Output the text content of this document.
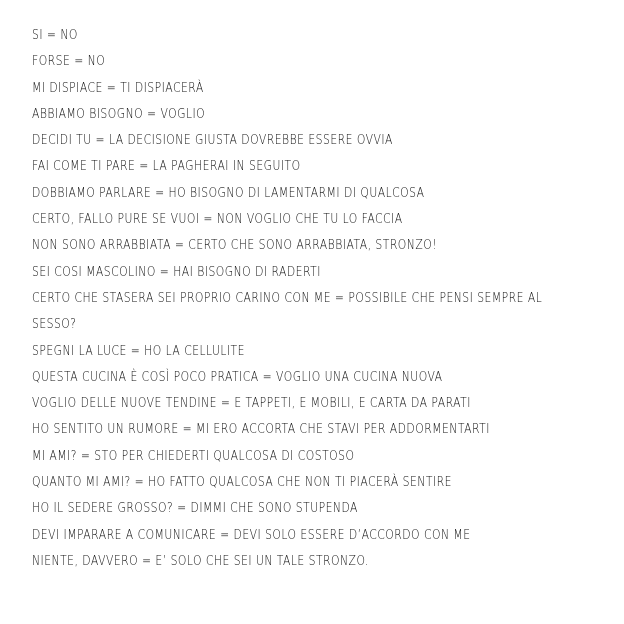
SI = NO
FORSE = NO
MI DISPIACE = TI DISPIACERÀ
ABBIAMO BISOGNO = VOGLIO
DECIDI TU = LA DECISIONE GIUSTA DOVREBBE ESSERE OVVIA
FAI COME TI PARE = LA PAGHERAI IN SEGUITO
DOBBIAMO PARLARE = HO BISOGNO DI LAMENTARMI DI QUALCOSA
CERTO, FALLO PURE SE VUOI = NON VOGLIO CHE TU LO FACCIA
NON SONO ARRABBIATA = CERTO CHE SONO ARRABBIATA, STRONZO!
SEI COSI MASCOLINO = HAI BISOGNO DI RADERTI
CERTO CHE STASERA SEI PROPRIO CARINO CON ME = POSSIBILE CHE PENSI SEMPRE AL
SESSO?
SPEGNI LA LUCE = HO LA CELLULITE
QUESTA CUCINA È COSÌ POCO PRATICA = VOGLIO UNA CUCINA NUOVA
VOGLIO DELLE NUOVE TENDINE = E TAPPETI, E MOBILI, E CARTA DA PARATI
HO SENTITO UN RUMORE = MI ERO ACCORTA CHE STAVI PER ADDORMENTARTI
MI AMI? = STO PER CHIEDERTI QUALCOSA DI COSTOSO
QUANTO MI AMI? = HO FATTO QUALCOSA CHE NON TI PIACERÀ SENTIRE
HO IL SEDERE GROSSO? = DIMMI CHE SONO STUPENDA
DEVI IMPARARE A COMUNICARE = DEVI SOLO ESSERE D’ACCORDO CON ME
NIENTE, DAVVERO = E’ SOLO CHE SEI UN TALE STRONZO.
